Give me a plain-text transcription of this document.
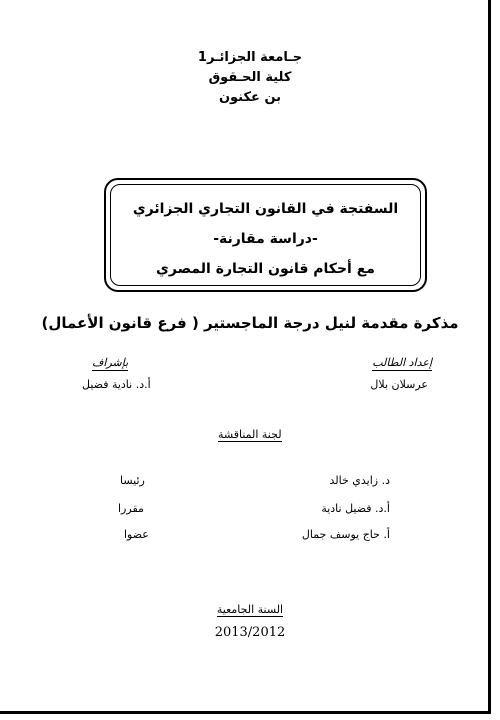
جـامعة الجزائـر1
كلية الحـقوق
بن عكنون
السفتجة في القانون التجاري الجزائري
-دراسة مقارنة-
مع أحكام قانون التجارة المصري
مذكرة مقدمة لنيل درجة الماجستير ( فرع قانون الأعمال)
إعداد الطالب
عرسلان بلال
بإشراف
أ.د. نادية فضيل
لجنة المناقشة
د. زايدي خالد
رئيسا
أ.د. فضيل نادية
مقررا
أ. حاج يوسف جمال
عضوا
السنة الجامعية
2013/2012
